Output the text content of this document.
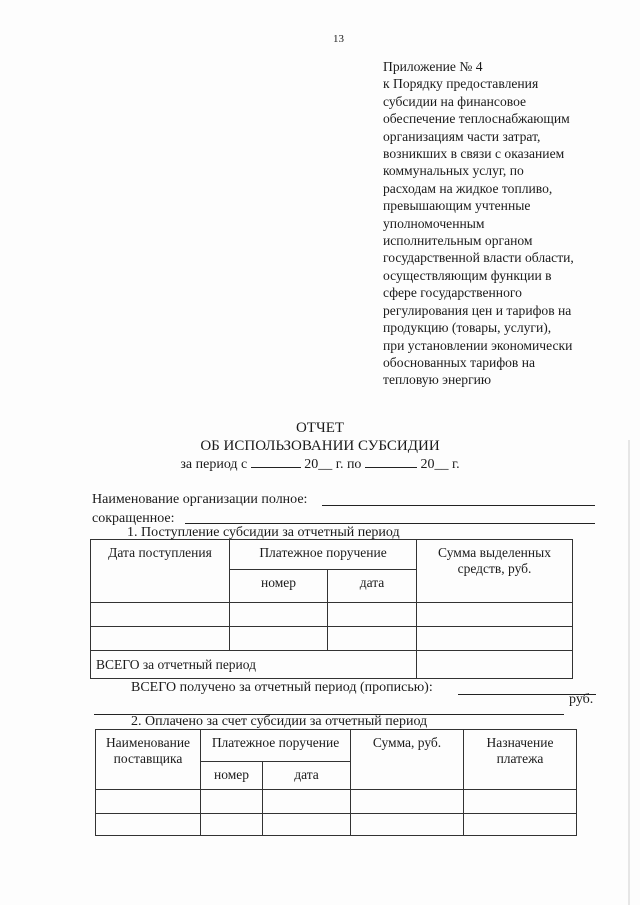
13
Приложение № 4
к Порядку предоставления
субсидии на финансовое
обеспечение теплоснабжающим
организациям части затрат,
возникших в связи с оказанием
коммунальных услуг, по
расходам на жидкое топливо,
превышающим учтенные
уполномоченным
исполнительным органом
государственной власти области,
осуществляющим функции в
сфере государственного
регулирования цен и тарифов на
продукцию (товары, услуги),
при установлении экономически
обоснованных тарифов на
тепловую энергию
ОТЧЕТ
ОБ ИСПОЛЬЗОВАНИИ СУБСИДИИ
за период с	20__ г. по	20__ г.
Наименование организации полное:
сокращенное:
1. Поступление субсидии за отчетный период
Дата поступления	Платежное поручение		Сумма выделенных средств, руб.

	номер	дата	

ВСЕГО за отчетный период			
ВСЕГО получено за отчетный период (прописью):
руб.
2. Оплачено за счет субсидии за отчетный период
Наименование поставщика	Платежное поручение		Сумма, руб.	Назначение платежа

	номер	дата		
